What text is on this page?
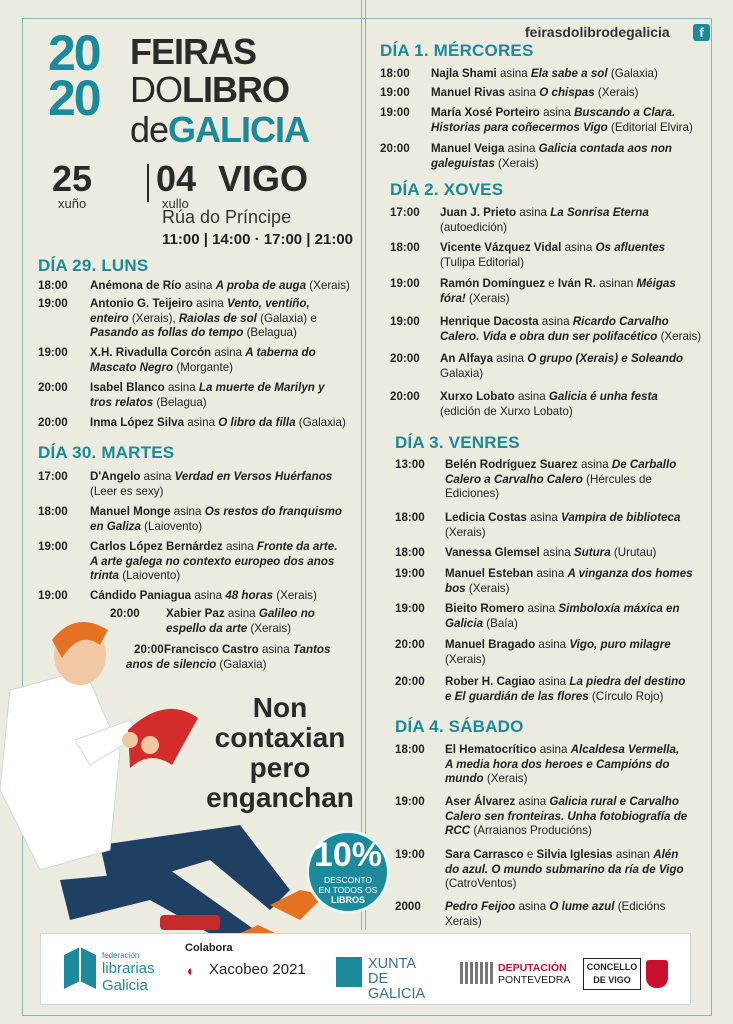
20
20
FEIRAS
DOLIBRO
deGALICIA
25
xuño
04
xullo
VIGO
Rúa do Príncipe
11:00 | 14:00 · 17:00 | 21:00
feirasdolibrodegalicia	f
DÍA 29. LUNS
18:00 Anémona de Río asina A proba de auga (Xerais)
19:00 Antonio G. Teijeiro asina Vento, ventiño,
enteiro (Xerais), Raiolas de sol (Galaxia) e
Pasando as follas do tempo (Belagua)
19:00 X.H. Rivadulla Corcón asina A taberna do
Mascato Negro (Morgante)
20:00 Isabel Blanco asina La muerte de Marilyn y
tros relatos (Belagua)
20:00 Inma López Silva asina O libro da filla (Galaxia)
DÍA 30. MARTES
17:00 D'Angelo asina Verdad en Versos Huérfanos
(Leer es sexy)
18:00 Manuel Monge asina Os restos do franquismo
en Galiza (Laiovento)
19:00 Carlos López Bernárdez asina Fronte da arte.
A arte galega no contexto europeo dos anos
trinta (Laiovento)
19:00 Cándido Paniagua asina 48 horas (Xerais)
20:00 Xabier Paz asina Galileo no
espello da arte (Xerais)
20:00 Francisco Castro asina Tantos
anos de silencio (Galaxia)
DÍA 1. MÉRCORES
18:00 Najla Shami asina Ela sabe a sol (Galaxia)
19:00 Manuel Rivas asina O chispas (Xerais)
19:00 María Xosé Porteiro asina Buscando a Clara.
Historias para coñecermos Vigo (Editorial Elvira)
20:00 Manuel Veiga asina Galicia contada aos non
galeguistas (Xerais)
DÍA 2. XOVES
17:00 Juan J. Prieto asina La Sonrisa Eterna
(autoedición)
18:00 Vicente Vázquez Vidal asina Os afluentes
(Tulipa Editorial)
19:00 Ramón Domínguez e Iván R. asinan Méigas
fóra! (Xerais)
19:00 Henrique Dacosta asina Ricardo Carvalho
Calero. Vida e obra dun ser polifacético (Xerais)
20:00 An Alfaya asina O grupo (Xerais) e Soleando
Galaxia)
20:00 Xurxo Lobato asina Galicia é unha festa
(edición de Xurxo Lobato)
DÍA 3. VENRES
13:00 Belén Rodríguez Suarez asina De Carballo
Calero a Carvalho Calero (Hércules de
Ediciones)
18:00 Ledicia Costas asina Vampira de biblioteca
(Xerais)
18:00 Vanessa Glemsel asina Sutura (Urutau)
19:00 Manuel Esteban asina A vinganza dos homes
bos (Xerais)
19:00 Bieito Romero asina Simboloxía máxica en
Galicia (Baía)
20:00 Manuel Bragado asina Vigo, puro milagre
(Xerais)
20:00 Rober H. Cagiao asina La piedra del destino
e El guardián de las flores (Círculo Rojo)
DÍA 4. SÁBADO
18:00 El Hematocrítico asina Alcaldesa Vermella,
A media hora dos heroes e Campións do
mundo (Xerais)
19:00 Aser Álvarez asina Galicia rural e Carvalho
Calero sen fronteiras. Unha fotobiografía de
RCC (Arraianos Producións)
19:00 Sara Carrasco e Silvia Iglesias asinan Alén
do azul. O mundo submarino da ría de Vigo
(CatroVentos)
2000 Pedro Feijoo asina O lume azul (Edicións
Xerais)
Non
contaxian
pero
enganchan
10%
DESCONTO
EN TODOS OS
LIBROS
federación
librarias
Galicia
Colabora
◖ Xacobeo 2021	XUNTA
DE GALICIA
DEPUTACIÓN
PONTEVEDRA
CONCELLO
DE VIGO
